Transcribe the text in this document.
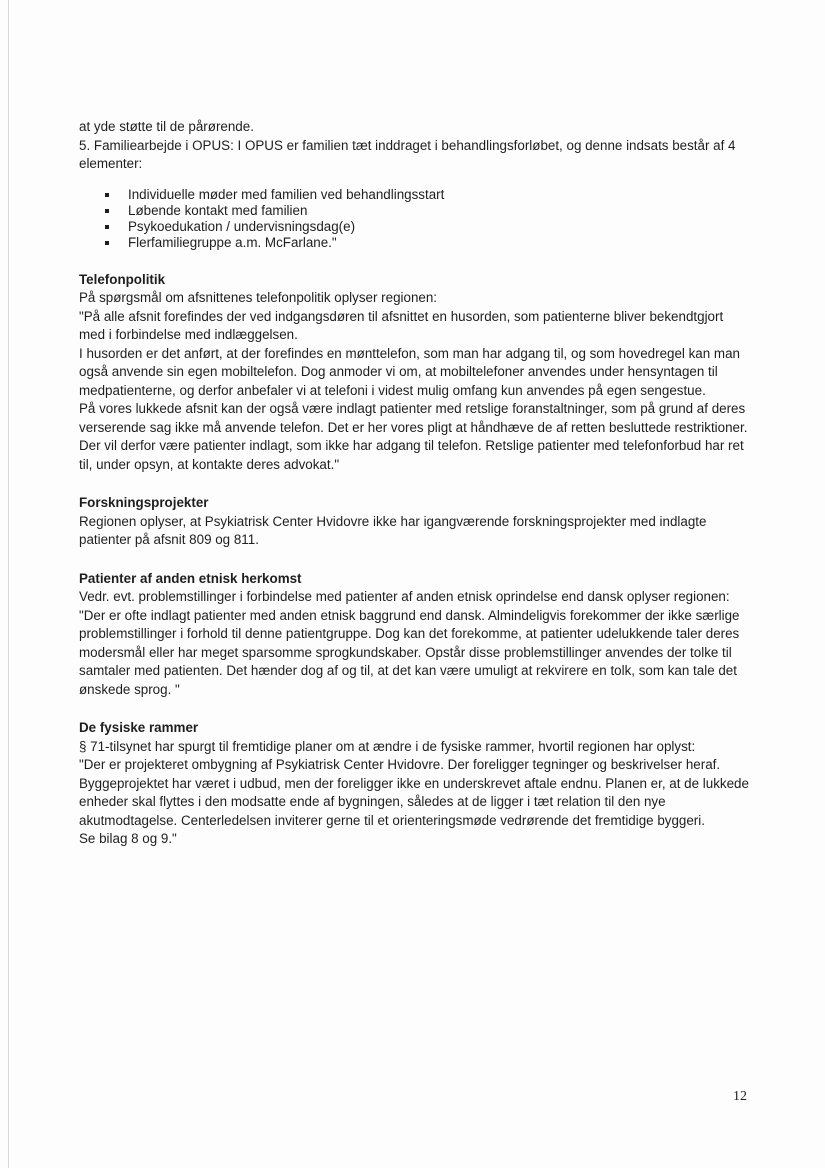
at yde støtte til de pårørende.

5. Familiearbejde i OPUS: I OPUS er familien tæt inddraget i behandlingsforløbet, og denne indsats består af 4 elementer:

Individuelle møder med familien ved behandlingsstart
Løbende kontakt med familien
Psykoedukation / undervisningsdag(e)
Flerfamiliegruppe a.m. McFarlane."
Telefonpolitik

På spørgsmål om afsnittenes telefonpolitik oplyser regionen:

"På alle afsnit forefindes der ved indgangsdøren til afsnittet en husorden, som patienterne bliver bekendtgjort med i forbindelse med indlæggelsen.

I husorden er det anført, at der forefindes en mønttelefon, som man har adgang til, og som hovedregel kan man også anvende sin egen mobiltelefon. Dog anmoder vi om, at mobiltelefoner anvendes under hensyntagen til medpatienterne, og derfor anbefaler vi at telefoni i videst mulig omfang kun anvendes på egen sengestue.

På vores lukkede afsnit kan der også være indlagt patienter med retslige foranstaltninger, som på grund af deres verserende sag ikke må anvende telefon. Det er her vores pligt at håndhæve de af retten besluttede restriktioner. Der vil derfor være patienter indlagt, som ikke har adgang til telefon. Retslige patienter med telefonforbud har ret til, under opsyn, at kontakte deres advokat."

Forskningsprojekter

Regionen oplyser, at Psykiatrisk Center Hvidovre ikke har igangværende forskningsprojekter med indlagte patienter på afsnit 809 og 811.

Patienter af anden etnisk herkomst

Vedr. evt. problemstillinger i forbindelse med patienter af anden etnisk oprindelse end dansk oplyser regionen:

"Der er ofte indlagt patienter med anden etnisk baggrund end dansk. Almindeligvis forekommer der ikke særlige problemstillinger i forhold til denne patientgruppe. Dog kan det forekomme, at patienter udelukkende taler deres modersmål eller har meget sparsomme sprogkundskaber. Opstår disse problemstillinger anvendes der tolke til samtaler med patienten. Det hænder dog af og til, at det kan være umuligt at rekvirere en tolk, som kan tale det ønskede sprog. "

De fysiske rammer

§ 71-tilsynet har spurgt til fremtidige planer om at ændre i de fysiske rammer, hvortil regionen har oplyst:

"Der er projekteret ombygning af Psykiatrisk Center Hvidovre. Der foreligger tegninger og beskrivelser heraf. Byggeprojektet har været i udbud, men der foreligger ikke en underskrevet aftale endnu. Planen er, at de lukkede enheder skal flyttes i den modsatte ende af bygningen, således at de ligger i tæt relation til den nye akutmodtagelse. Centerledelsen inviterer gerne til et orienteringsmøde vedrørende det fremtidige byggeri.

Se bilag 8 og 9."

12
